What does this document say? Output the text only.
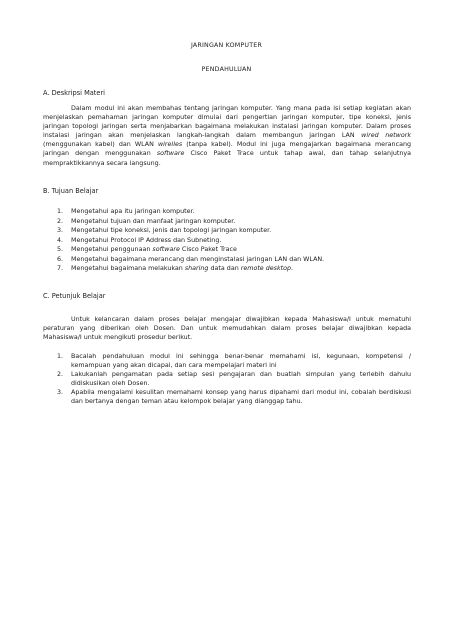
JARINGAN KOMPUTER
PENDAHULUAN
A. Deskripsi Materi

Dalam modul ini akan membahas tentang jaringan komputer. Yang mana pada isi setiap kegiatan akan menjelaskan pemahaman jaringan komputer dimulai dari pengertian jaringan komputer, tipe koneksi, jenis jaringan topologi jaringan serta menjabarkan bagaimana melakukan instalasi jaringan komputer. Dalam proses instalasi jaringan akan menjelaskan langkah-langkah dalam membangun jaringan LAN wired network (menggunakan kabel) dan WLAN wirelles (tanpa kabel). Modul ini juga mengajarkan bagaimana merancang jaringan dengan menggunakan software Cisco Paket Trace untuk tahap awal, dan tahap selanjutnya mempraktikkannya secara langsung.

B. Tujuan Belajar
1. Mengetahui apa itu jaringan komputer.
2. Mengetahui tujuan dan manfaat jaringan komputer.
3. Mengetahui tipe koneksi, jenis dan topologi jaringan komputer.
4. Mengetahui Protocol IP Address dan Subneting.
5. Mengetahui penggunaan software Cisco Paket Trace
6. Mengetahui bagaimana merancang dan menginstalasi jaringan LAN dan WLAN.
7. Mengetahui bagaimana melakukan sharing data dan remote desktop.
C. Petunjuk Belajar

Untuk kelancaran dalam proses belajar mengajar diwajibkan kepada Mahasiswa/I untuk mematuhi peraturan yang diberikan oleh Dosen. Dan untuk memudahkan dalam proses belajar diwajibkan kepada Mahasiswa/I untuk mengikuti prosedur berikut.

1. Bacalah pendahuluan modul ini sehingga benar-benar memahami isi, kegunaan, kompetensi / kemampuan yang akan dicapai, dan cara mempelajari materi ini
2. Lakukanlah pengamatan pada setiap sesi pengajaran dan buatlah simpulan yang terlebih dahulu didiskusikan oleh Dosen.
3. Apabila mengalami kesulitan memahami konsep yang harus dipahami dari modul ini, cobalah berdiskusi dan bertanya dengan teman atau kelompok belajar yang dianggap tahu.
